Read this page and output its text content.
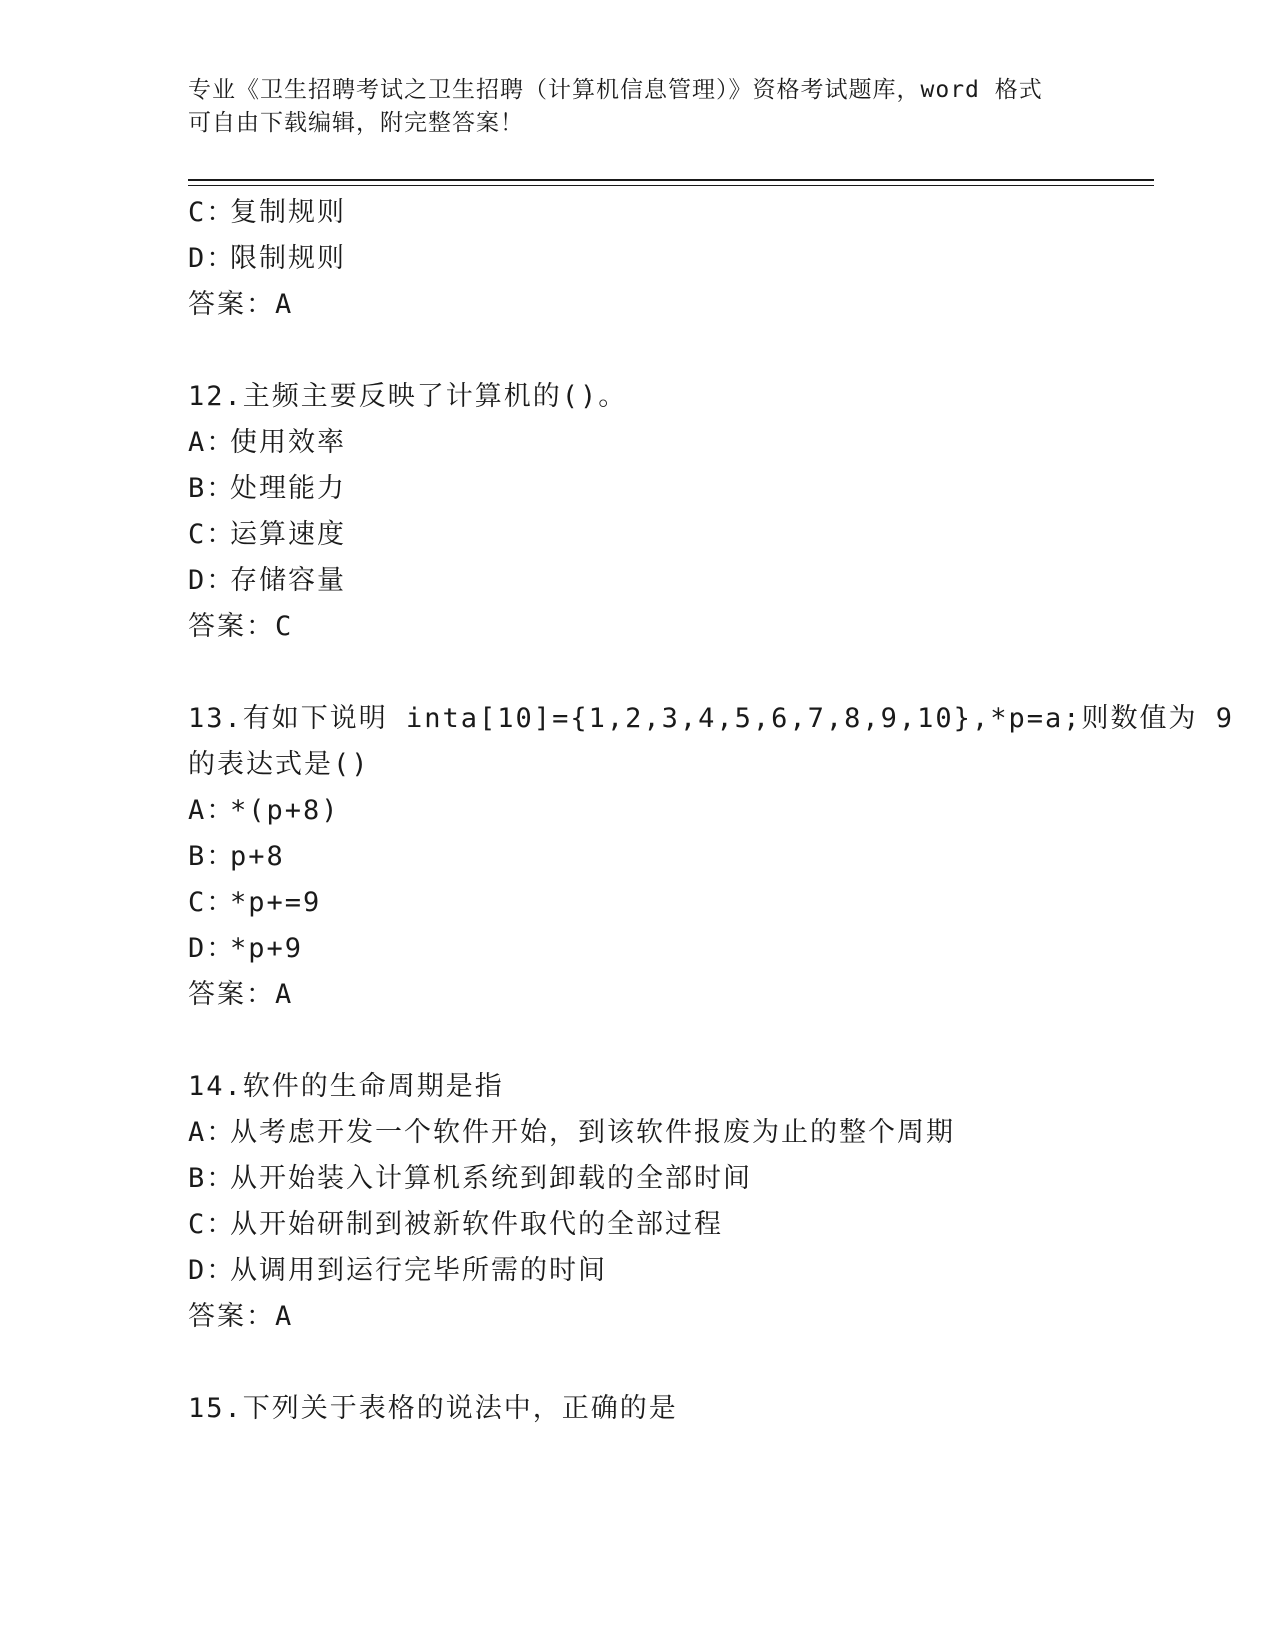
专业《卫生招聘考试之卫生招聘（计算机信息管理）》资格考试题库，word 格式
可自由下载编辑，附完整答案！
C：复制规则
D：限制规则
答案：A
12.主频主要反映了计算机的()。
A：使用效率
B：处理能力
C：运算速度
D：存储容量
答案：C
13.有如下说明 inta[10]={1,2,3,4,5,6,7,8,9,10},*p=a;则数值为 9
的表达式是()
A：*(p+8)
B：p+8
C：*p+=9
D：*p+9
答案：A
14.软件的生命周期是指
A：从考虑开发一个软件开始，到该软件报废为止的整个周期
B：从开始装入计算机系统到卸载的全部时间
C：从开始研制到被新软件取代的全部过程
D：从调用到运行完毕所需的时间
答案：A
15.下列关于表格的说法中，正确的是
